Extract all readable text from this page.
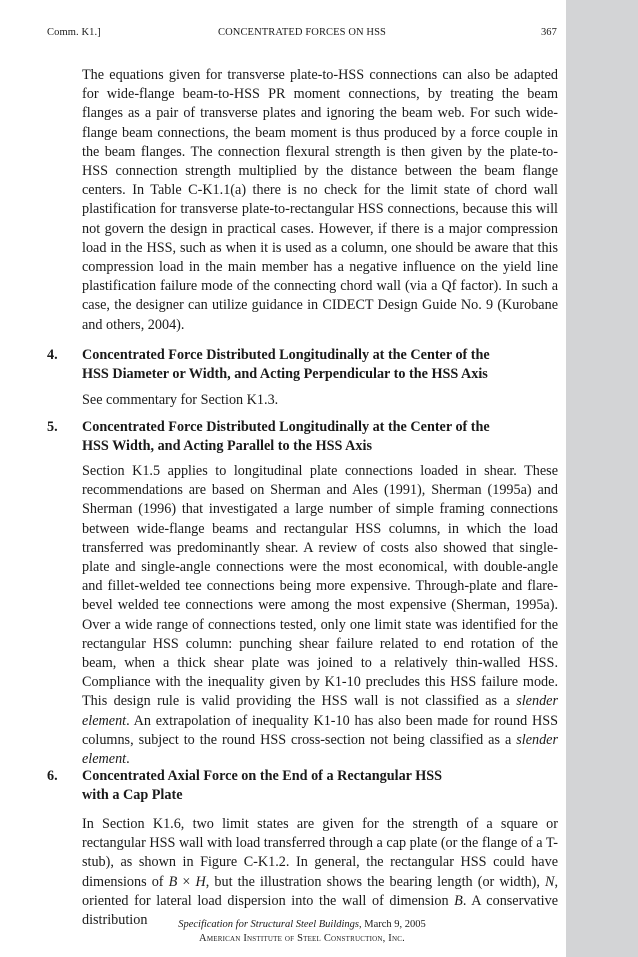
Comm. K1.]	CONCENTRATED FORCES ON HSS	367

The equations given for transverse plate-to-HSS connections can also be adapted for wide-flange beam-to-HSS PR moment connections, by treating the beam flanges as a pair of transverse plates and ignoring the beam web. For such wide-flange beam connections, the beam moment is thus produced by a force couple in the beam flanges. The connection flexural strength is then given by the plate-to-HSS connection strength multiplied by the distance between the beam flange centers. In Table C-K1.1(a) there is no check for the limit state of chord wall plastification for transverse plate-to-rectangular HSS connections, because this will not govern the design in practical cases. However, if there is a major compression load in the HSS, such as when it is used as a column, one should be aware that this compression load in the main member has a negative influence on the yield line plastification failure mode of the connecting chord wall (via a Qf factor). In such a case, the designer can utilize guidance in CIDECT Design Guide No. 9 (Kurobane and others, 2004).

4. Concentrated Force Distributed Longitudinally at the Center of the
HSS Diameter or Width, and Acting Perpendicular to the HSS Axis

See commentary for Section K1.3.

5. Concentrated Force Distributed Longitudinally at the Center of the
HSS Width, and Acting Parallel to the HSS Axis

Section K1.5 applies to longitudinal plate connections loaded in shear. These recommendations are based on Sherman and Ales (1991), Sherman (1995a) and Sherman (1996) that investigated a large number of simple framing connections between wide-flange beams and rectangular HSS columns, in which the load transferred was predominantly shear. A review of costs also showed that single-plate and single-angle connections were the most economical, with double-angle and fillet-welded tee connections being more expensive. Through-plate and flare-bevel welded tee connections were among the most expensive (Sherman, 1995a). Over a wide range of connections tested, only one limit state was identified for the rectangular HSS column: punching shear failure related to end rotation of the beam, when a thick shear plate was joined to a relatively thin-walled HSS. Compliance with the inequality given by K1-10 precludes this HSS failure mode. This design rule is valid providing the HSS wall is not classified as a slender element. An extrapolation of inequality K1-10 has also been made for round HSS columns, subject to the round HSS cross-section not being classified as a slender element.

6. Concentrated Axial Force on the End of a Rectangular HSS
with a Cap Plate

In Section K1.6, two limit states are given for the strength of a square or rectangular HSS wall with load transferred through a cap plate (or the flange of a T-stub), as shown in Figure C-K1.2. In general, the rectangular HSS could have dimensions of B × H, but the illustration shows the bearing length (or width), N, oriented for lateral load dispersion into the wall of dimension B. A conservative distribution	Specification for Structural Steel Buildings, March 9, 2005
American Institute of Steel Construction, Inc.
